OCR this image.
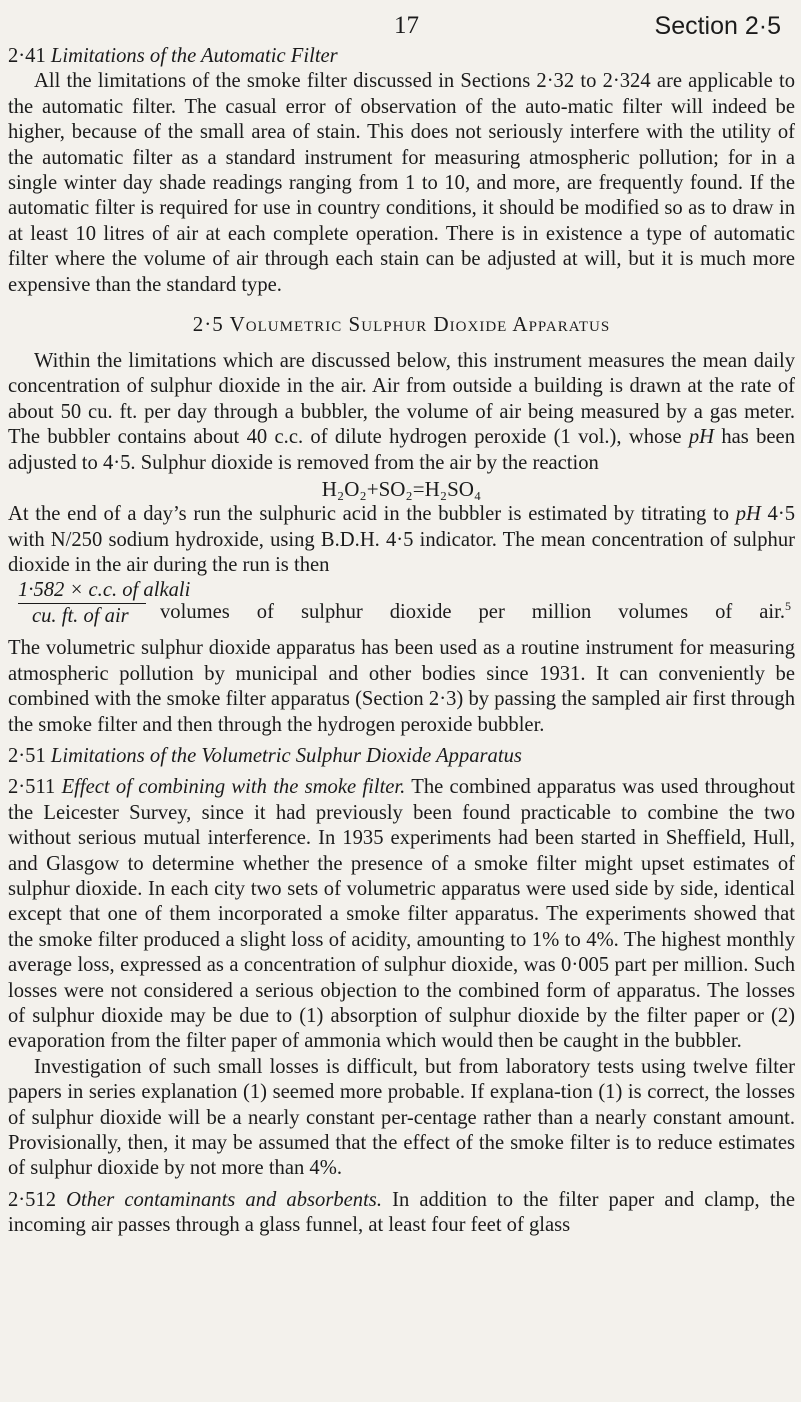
17	Section 2·5

2·41 Limitations of the Automatic Filter

All the limitations of the smoke filter discussed in Sections 2·32 to 2·324 are applicable to the automatic filter. The casual error of observation of the auto-matic filter will indeed be higher, because of the small area of stain. This does not seriously interfere with the utility of the automatic filter as a standard instrument for measuring atmospheric pollution; for in a single winter day shade readings ranging from 1 to 10, and more, are frequently found. If the automatic filter is required for use in country conditions, it should be modified so as to draw in at least 10 litres of air at each complete operation. There is in existence a type of automatic filter where the volume of air through each stain can be adjusted at will, but it is much more expensive than the standard type.

2·5 Volumetric Sulphur Dioxide Apparatus

Within the limitations which are discussed below, this instrument measures the mean daily concentration of sulphur dioxide in the air. Air from outside a building is drawn at the rate of about 50 cu. ft. per day through a bubbler, the volume of air being measured by a gas meter. The bubbler contains about 40 c.c. of dilute hydrogen peroxide (1 vol.), whose pH has been adjusted to 4·5. Sulphur dioxide is removed from the air by the reaction

H₂O₂+SO₂=H₂SO₄

At the end of a day’s run the sulphuric acid in the bubbler is estimated by titrating to pH 4·5 with N/250 sodium hydroxide, using B.D.H. 4·5 indicator. The mean concentration of sulphur dioxide in the air during the run is then

1·582 × c.c. of alkali
cu. ft. of air	volumes of sulphur dioxide per million volumes of air.$^5$

The volumetric sulphur dioxide apparatus has been used as a routine instrument for measuring atmospheric pollution by municipal and other bodies since 1931. It can conveniently be combined with the smoke filter apparatus (Section 2·3) by passing the sampled air first through the smoke filter and then through the hydrogen peroxide bubbler.

2·51 Limitations of the Volumetric Sulphur Dioxide Apparatus

2·511 Effect of combining with the smoke filter. The combined apparatus was used throughout the Leicester Survey, since it had previously been found practicable to combine the two without serious mutual interference. In 1935 experiments had been started in Sheffield, Hull, and Glasgow to determine whether the presence of a smoke filter might upset estimates of sulphur dioxide. In each city two sets of volumetric apparatus were used side by side, identical except that one of them incorporated a smoke filter apparatus. The experiments showed that the smoke filter produced a slight loss of acidity, amounting to 1% to 4%. The highest monthly average loss, expressed as a concentration of sulphur dioxide, was 0·005 part per million. Such losses were not considered a serious objection to the combined form of apparatus. The losses of sulphur dioxide may be due to (1) absorption of sulphur dioxide by the filter paper or (2) evaporation from the filter paper of ammonia which would then be caught in the bubbler.

Investigation of such small losses is difficult, but from laboratory tests using twelve filter papers in series explanation (1) seemed more probable. If explana-tion (1) is correct, the losses of sulphur dioxide will be a nearly constant per-centage rather than a nearly constant amount. Provisionally, then, it may be assumed that the effect of the smoke filter is to reduce estimates of sulphur dioxide by not more than 4%.

2·512 Other contaminants and absorbents. In addition to the filter paper and clamp, the incoming air passes through a glass funnel, at least four feet of glass
